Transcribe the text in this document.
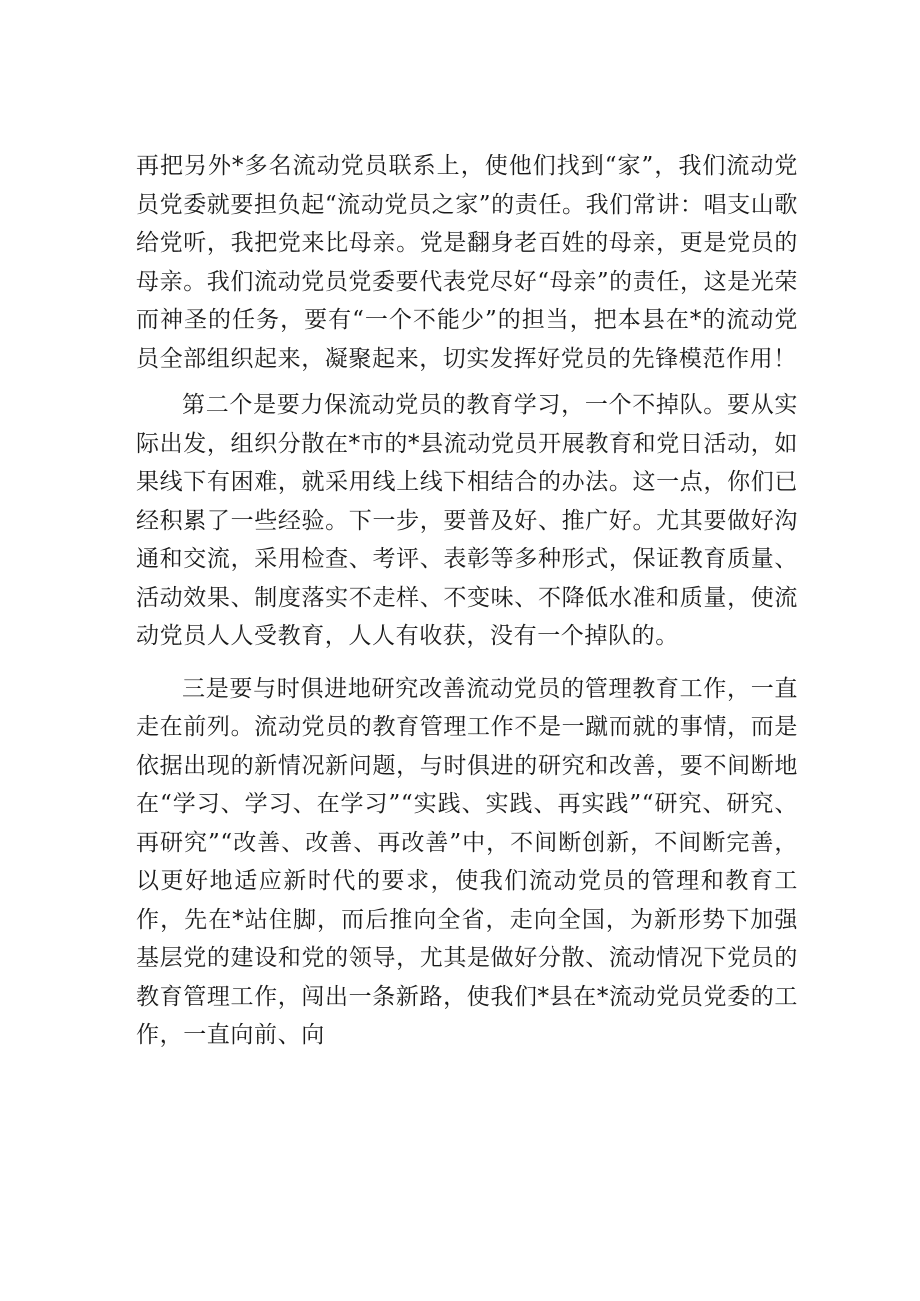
再把另外*多名流动党员联系上，使他们找到“家”，我们流动党员党委就要担负起“流动党员之家”的责任。我们常讲：唱支山歌给党听，我把党来比母亲。党是翻身老百姓的母亲，更是党员的母亲。我们流动党员党委要代表党尽好“母亲”的责任，这是光荣而神圣的任务，要有“一个不能少”的担当，把本县在*的流动党员全部组织起来，凝聚起来，切实发挥好党员的先锋模范作用！

第二个是要力保流动党员的教育学习，一个不掉队。要从实际出发，组织分散在*市的*县流动党员开展教育和党日活动，如果线下有困难，就采用线上线下相结合的办法。这一点，你们已经积累了一些经验。下一步，要普及好、推广好。尤其要做好沟通和交流，采用检查、考评、表彰等多种形式，保证教育质量、活动效果、制度落实不走样、不变味、不降低水准和质量，使流动党员人人受教育，人人有收获，没有一个掉队的。

三是要与时俱进地研究改善流动党员的管理教育工作，一直走在前列。流动党员的教育管理工作不是一蹴而就的事情，而是依据出现的新情况新问题，与时俱进的研究和改善，要不间断地在“学习、学习、在学习”“实践、实践、再实践”“研究、研究、再研究”“改善、改善、再改善”中，不间断创新，不间断完善，以更好地适应新时代的要求，使我们流动党员的管理和教育工作，先在*站住脚，而后推向全省，走向全国，为新形势下加强基层党的建设和党的领导，尤其是做好分散、流动情况下党员的教育管理工作，闯出一条新路，使我们*县在*流动党员党委的工作，一直向前、向
